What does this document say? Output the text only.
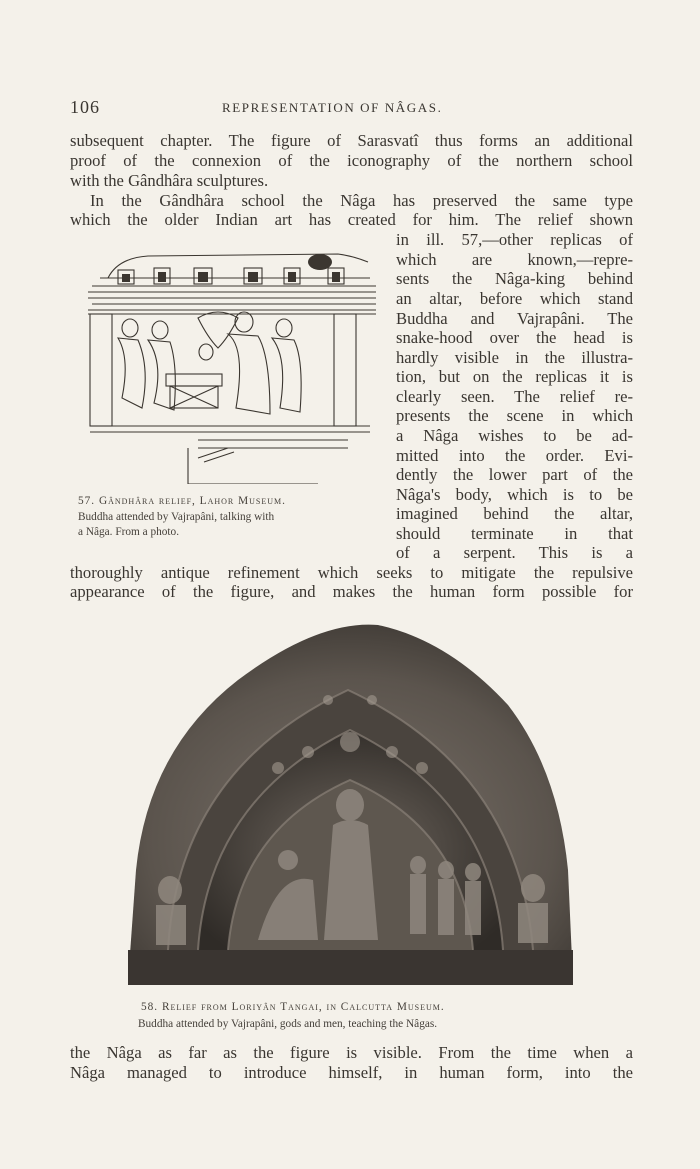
106	REPRESENTATION OF NÂGAS.
subsequent chapter. The figure of Sarasvatî thus forms an additional
proof of the connexion of the iconography of the northern school
with the Gândhâra sculptures.
In the Gândhâra school the Nâga has preserved the same type
which the older Indian art has created for him. The relief shown
in ill. 57,—other replicas of
which are known,—repre-
sents the Nâga-king behind
an altar, before which stand
Buddha and Vajrapâni. The
snake-hood over the head is
hardly visible in the illustra-
tion, but on the replicas it is
clearly seen. The relief re-
presents the scene in which
a Nâga wishes to be ad-
mitted into the order. Evi-
dently the lower part of the
Nâga's body, which is to be
imagined behind the altar,
should terminate in that
of a serpent. This is a
thoroughly antique refinement which seeks to mitigate the repulsive
appearance of the figure, and makes the human form possible for
57. Gândhâra relief, Lahor Museum.
Buddha attended by Vajrapâni, talking with
a Nâga. From a photo.
58. Relief from Loriyân Tangai, in Calcutta Museum.
Buddha attended by Vajrapâni, gods and men, teaching the Nâgas.
the Nâga as far as the figure is visible. From the time when a
Nâga managed to introduce himself, in human form, into the
